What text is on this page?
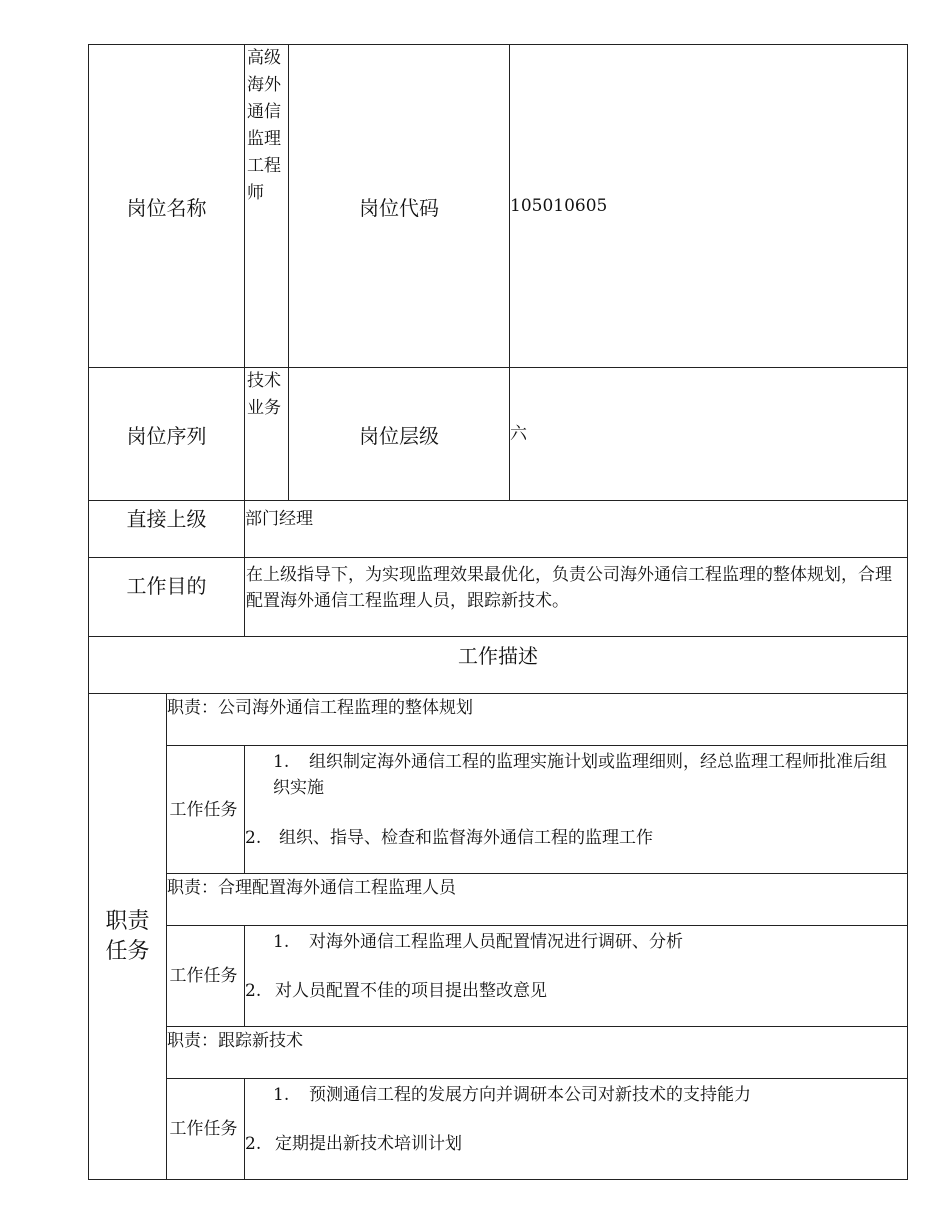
岗位名称		高级海外通信监理工程师	岗位代码	105010605
岗位序列		技术业务	岗位层级	六
直接上级		部门经理		
工作目的		在上级指导下，为实现监理效果最优化，负责公司海外通信工程监理的整体规划，合理配置海外通信工程监理人员，跟踪新技术。		
工作描述				
职责任务	职责：公司海外通信工程监理的整体规划			
	工作任务	1. 组织制定海外通信工程的监理实施计划或监理细则，经总监理工程师批准后组织实施
2. 组织、指导、检查和监督海外通信工程的监理工作		

	职责：合理配置海外通信工程监理人员			
	工作任务	1. 对海外通信工程监理人员配置情况进行调研、分析
2. 对人员配置不佳的项目提出整改意见		

	职责：跟踪新技术			
	工作任务	1. 预测通信工程的发展方向并调研本公司对新技术的支持能力
2. 定期提出新技术培训计划		
